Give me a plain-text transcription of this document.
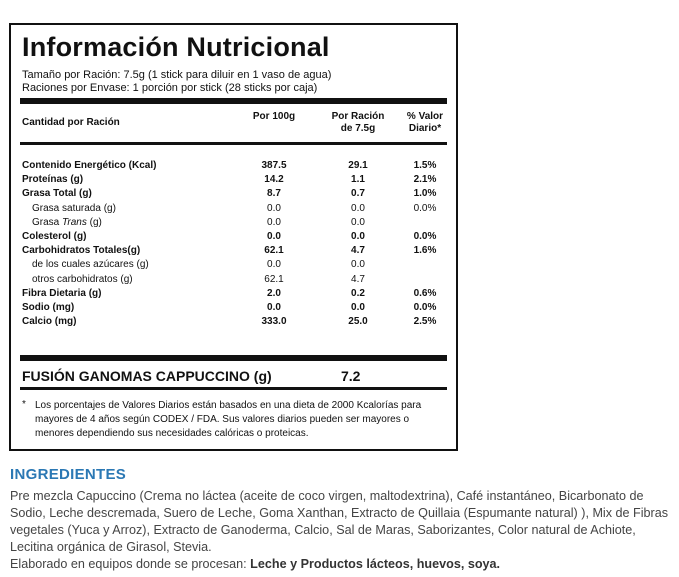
Información Nutricional
Tamaño por Ración: 7.5g (1 stick para diluir en 1 vaso de agua)
Raciones por Envase: 1 porción por stick (28 sticks por caja)
Cantidad por Ración
Por 100g	Por Ración
de 7.5g
% Valor
Diario*
Contenido Energético (Kcal)	387.5	29.1	1.5%
Proteínas (g)	14.2	1.1	2.1%
Grasa Total (g)	8.7	0.7	1.0%
Grasa saturada (g)	0.0	0.0	0.0%
Grasa Trans (g)	0.0	0.0
Colesterol (g)	0.0	0.0	0.0%
Carbohidratos Totales(g)	62.1	4.7	1.6%
de los cuales azúcares (g)	0.0	0.0
otros carbohidratos (g)	62.1	4.7
Fibra Dietaria (g)	2.0	0.2	0.6%
Sodio (mg)	0.0	0.0	0.0%
Calcio (mg)	333.0	25.0	2.5%
FUSIÓN GANOMAS CAPPUCCINO (g)	7.2
* Los porcentajes de Valores Diarios están basados en una dieta de 2000 Kcalorías para mayores de 4 años según CODEX / FDA. Sus valores diarios pueden ser mayores o menores dependiendo sus necesidades calóricas o proteicas.
INGREDIENTES
Pre mezcla Capuccino (Crema no láctea (aceite de coco virgen, maltodextrina), Café instantáneo, Bicarbonato de Sodio, Leche descremada, Suero de Leche, Goma Xanthan, Extracto de Quillaia (Espumante natural) ), Mix de Fibras vegetales (Yuca y Arroz), Extracto de Ganoderma, Calcio, Sal de Maras, Saborizantes, Color natural de Achiote, Lecitina orgánica de Girasol, Stevia.
Elaborado en equipos donde se procesan: Leche y Productos lácteos, huevos, soya.
